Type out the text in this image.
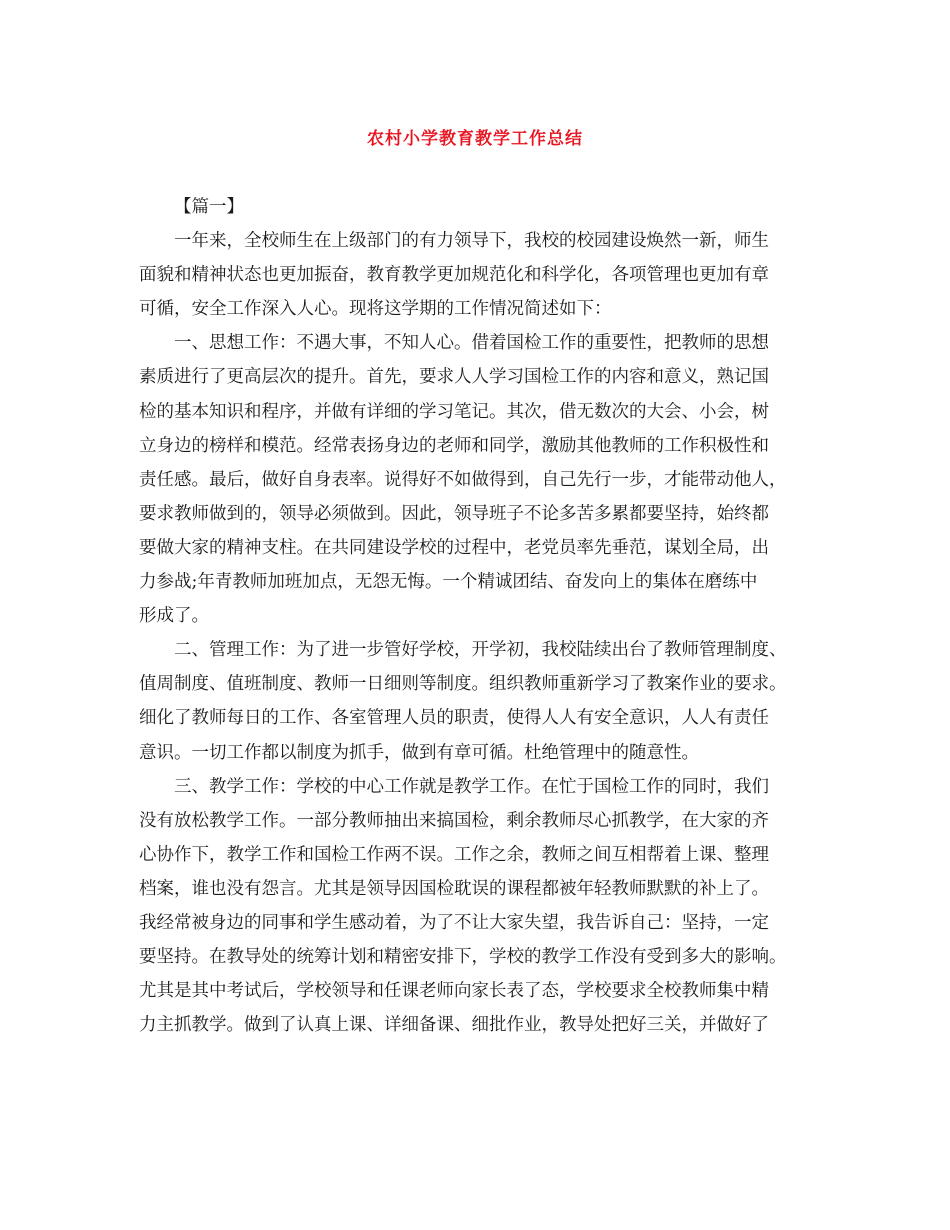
农村小学教育教学工作总结
【篇一】
一年来，全校师生在上级部门的有力领导下，我校的校园建设焕然一新，师生
面貌和精神状态也更加振奋，教育教学更加规范化和科学化，各项管理也更加有章
可循，安全工作深入人心。现将这学期的工作情况简述如下：
一、思想工作：不遇大事，不知人心。借着国检工作的重要性，把教师的思想
素质进行了更高层次的提升。首先，要求人人学习国检工作的内容和意义，熟记国
检的基本知识和程序，并做有详细的学习笔记。其次，借无数次的大会、小会，树
立身边的榜样和模范。经常表扬身边的老师和同学，激励其他教师的工作积极性和
责任感。最后，做好自身表率。说得好不如做得到，自己先行一步，才能带动他人，
要求教师做到的，领导必须做到。因此，领导班子不论多苦多累都要坚持，始终都
要做大家的精神支柱。在共同建设学校的过程中，老党员率先垂范，谋划全局，出
力参战;年青教师加班加点，无怨无悔。一个精诚团结、奋发向上的集体在磨练中
形成了。
二、管理工作：为了进一步管好学校，开学初，我校陆续出台了教师管理制度、
值周制度、值班制度、教师一日细则等制度。组织教师重新学习了教案作业的要求。
细化了教师每日的工作、各室管理人员的职责，使得人人有安全意识，人人有责任
意识。一切工作都以制度为抓手，做到有章可循。杜绝管理中的随意性。
三、教学工作：学校的中心工作就是教学工作。在忙于国检工作的同时，我们
没有放松教学工作。一部分教师抽出来搞国检，剩余教师尽心抓教学，在大家的齐
心协作下，教学工作和国检工作两不误。工作之余，教师之间互相帮着上课、整理
档案，谁也没有怨言。尤其是领导因国检耽误的课程都被年轻教师默默的补上了。
我经常被身边的同事和学生感动着，为了不让大家失望，我告诉自己：坚持，一定
要坚持。在教导处的统筹计划和精密安排下，学校的教学工作没有受到多大的影响。
尤其是其中考试后，学校领导和任课老师向家长表了态，学校要求全校教师集中精
力主抓教学。做到了认真上课、详细备课、细批作业，教导处把好三关，并做好了
